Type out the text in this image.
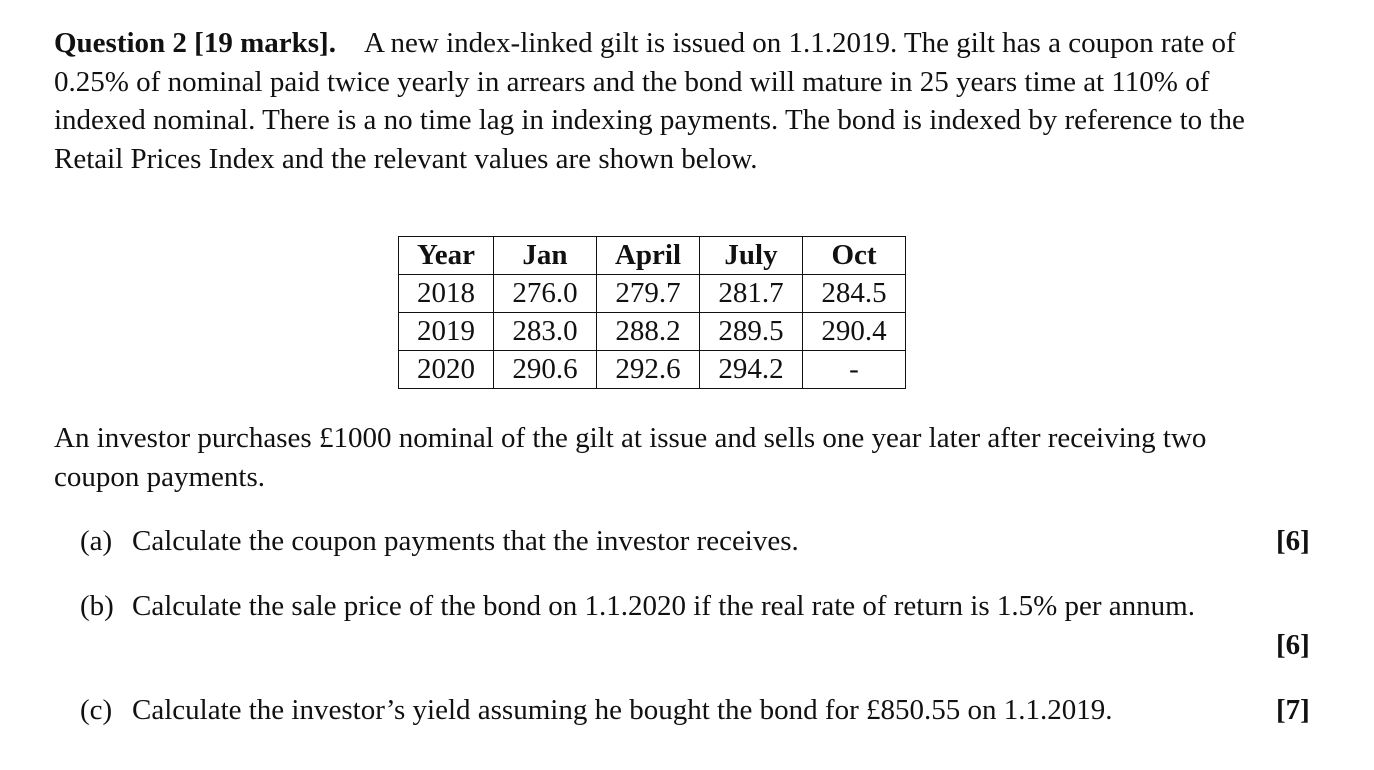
Question 2 [19 marks]. A new index-linked gilt is issued on 1.1.2019. The gilt has a coupon rate of 0.25% of nominal paid twice yearly in arrears and the bond will mature in 25 years time at 110% of indexed nominal. There is a no time lag in indexing payments. The bond is indexed by reference to the Retail Prices Index and the relevant values are shown below.
Year	Jan	April	July	Oct
2018	276.0	279.7	281.7	284.5
2019	283.0	288.2	289.5	290.4
2020	290.6	292.6	294.2	-
An investor purchases £1000 nominal of the gilt at issue and sells one year later after receiving two coupon payments.
(a) Calculate the coupon payments that the investor receives.	[6]
(b) Calculate the sale price of the bond on 1.1.2020 if the real rate of return is 1.5% per annum.
[6]
(c) Calculate the investor’s yield assuming he bought the bond for £850.55 on 1.1.2019.	[7]
